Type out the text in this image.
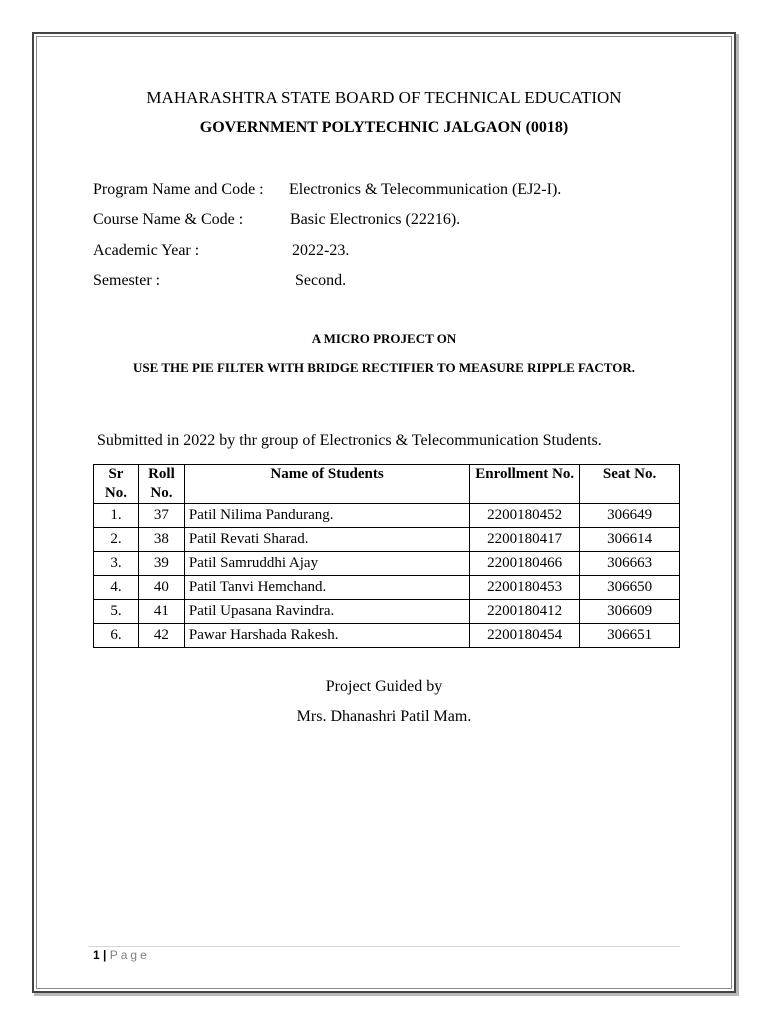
MAHARASHTRA STATE BOARD OF TECHNICAL EDUCATION
GOVERNMENT POLYTECHNIC JALGAON (0018)
Program Name and Code : Electronics & Telecommunication (EJ2-I).
Course Name & Code :	Basic Electronics (22216).
Academic Year :	2022-23.
Semester :	Second.
A MICRO PROJECT ON
USE THE PIE FILTER WITH BRIDGE RECTIFIER TO MEASURE RIPPLE FACTOR.
Submitted in 2022 by thr group of Electronics & Telecommunication Students.
Sr No.	Roll No.	Name of Students	Enrollment No.	Seat No.
1.	37	Patil Nilima Pandurang.	2200180452	306649
2.	38	Patil Revati Sharad.	2200180417	306614
3.	39	Patil Samruddhi Ajay	2200180466	306663
4.	40	Patil Tanvi Hemchand.	2200180453	306650
5.	41	Patil Upasana Ravindra.	2200180412	306609
6.	42	Pawar Harshada Rakesh.	2200180454	306651
Project Guided by
Mrs. Dhanashri Patil Mam.
1 | Page
